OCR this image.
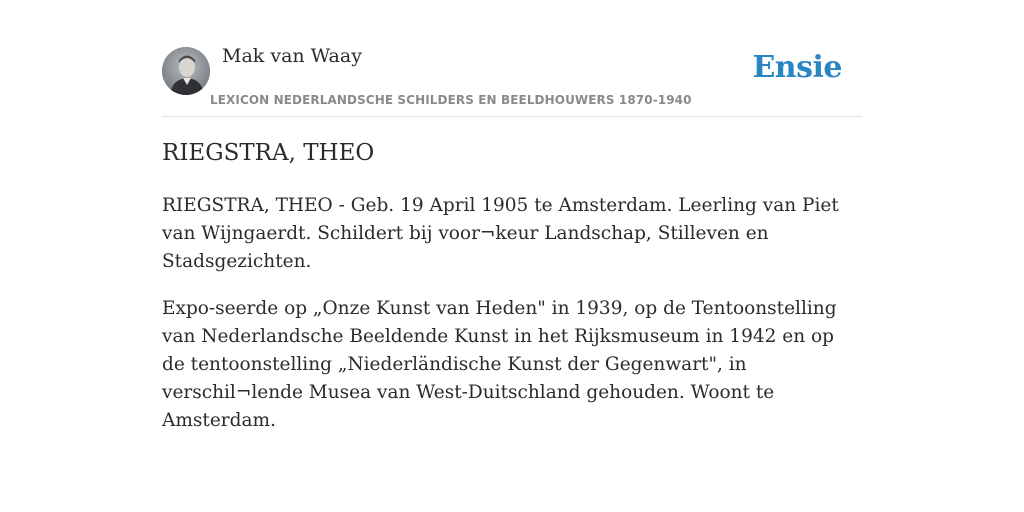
Mak van Waay
LEXICON NEDERLANDSCHE SCHILDERS EN BEELDHOUWERS 1870-1940
Ensie
RIEGSTRA, THEO

RIEGSTRA, THEO - Geb. 19 April 1905 te Amsterdam. Leerling van Piet van Wijngaerdt. Schildert bij voor¬keur Landschap, Stilleven en Stadsgezichten.

Expo-seerde op „Onze Kunst van Heden" in 1939, op de Tentoonstelling van Nederlandsche Beeldende Kunst in het Rijksmuseum in 1942 en op de tentoonstelling „Niederländische Kunst der Gegenwart", in verschil¬lende Musea van West-Duitschland gehouden. Woont te Amsterdam.
